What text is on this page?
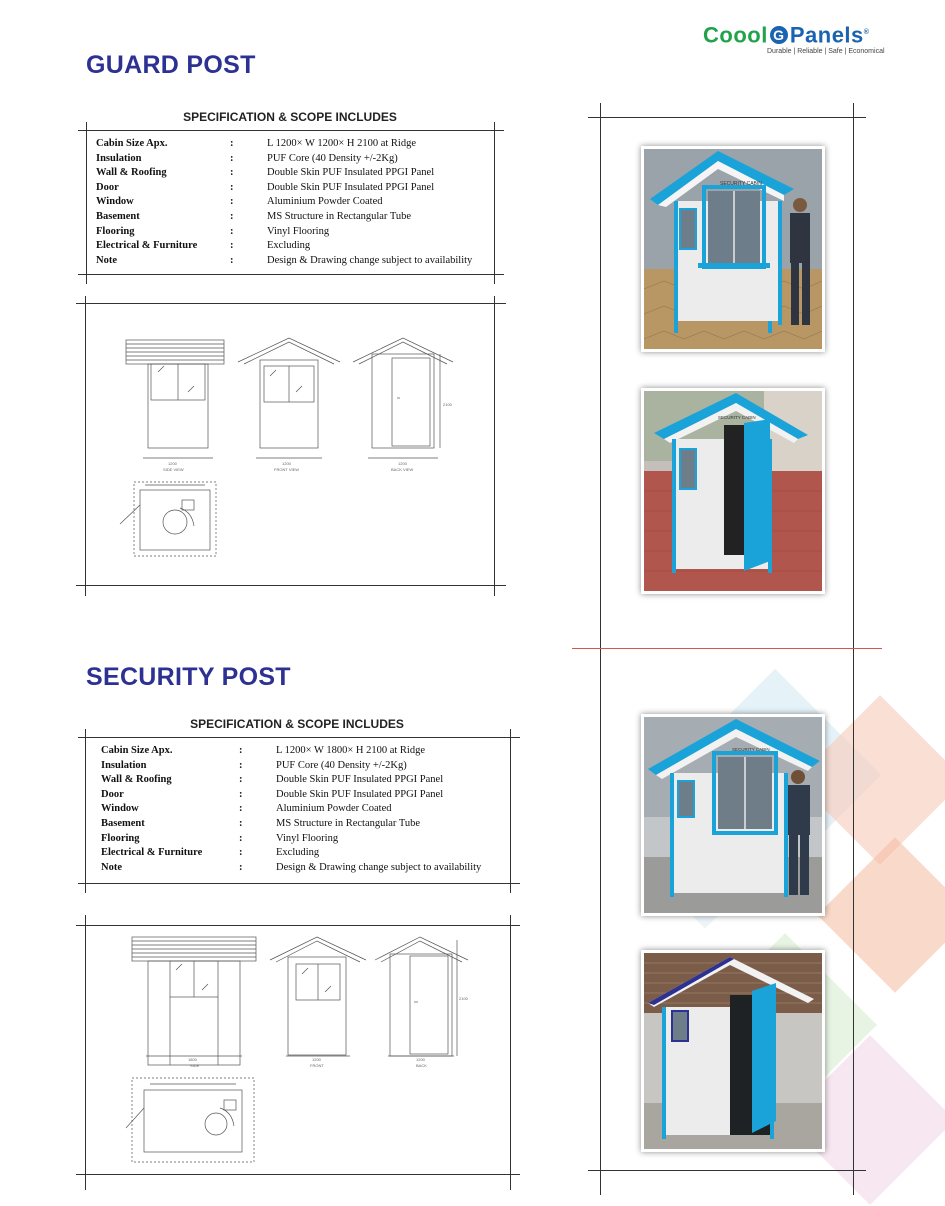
Coool G Panels®
Durable | Reliable | Safe | Economical
GUARD POST
SPECIFICATION & SCOPE INCLUDES
Cabin Size Apx.	:	L 1200× W 1200× H 2100 at Ridge
Insulation	:	PUF Core (40 Density +/-2Kg)
Wall & Roofing	:	Double Skin PUF Insulated PPGI Panel
Door	:	Double Skin PUF Insulated PPGI Panel
Window	:	Aluminium Powder Coated
Basement	:	MS Structure in Rectangular Tube
Flooring	:	Vinyl Flooring
Electrical & Furniture	:	Excluding
Note	:	Design & Drawing change subject to availability
1200
SIDE VIEW
1200
FRONT VIEW
2100
1200
BACK VIEW
SECURITY POST
SPECIFICATION & SCOPE INCLUDES
Cabin Size Apx.	:	L 1200× W 1800× H 2100 at Ridge
Insulation	:	PUF Core (40 Density +/-2Kg)
Wall & Roofing	:	Double Skin PUF Insulated PPGI Panel
Door	:	Double Skin PUF Insulated PPGI Panel
Window	:	Aluminium Powder Coated
Basement	:	MS Structure in Rectangular Tube
Flooring	:	Vinyl Flooring
Electrical & Furniture	:	Excluding
Note	:	Design & Drawing change subject to availability
1800
SIDE
1200
FRONT
2100
1200
BACK
SECURITY CABIN
SECURITY CABIN
SECURITY CABIN
